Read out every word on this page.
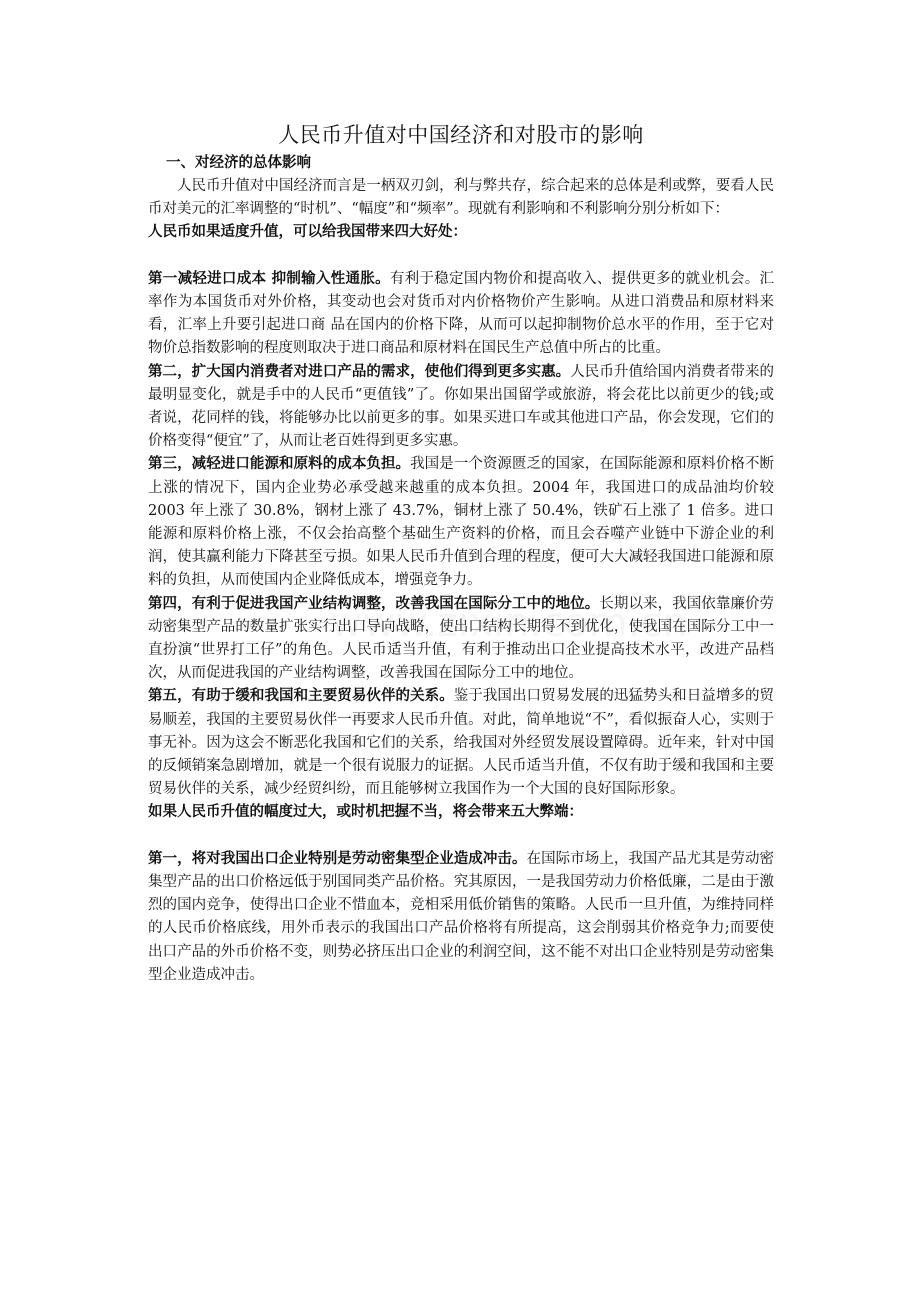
人民币升值对中国经济和对股市的影响
一、对经济的总体影响

人民币升值对中国经济而言是一柄双刃剑，利与弊共存，综合起来的总体是利或弊，要看人民币对美元的汇率调整的“时机”、“幅度”和“频率”。现就有利影响和不利影响分别分析如下：

人民币如果适度升值，可以给我国带来四大好处：

第一减轻进口成本 抑制输入性通胀。有利于稳定国内物价和提高收入、提供更多的就业机会。汇率作为本国货币对外价格，其变动也会对货币对内价格物价产生影响。从进口消费品和原材料来看，汇率上升要引起进口商 品在国内的价格下降，从而可以起抑制物价总水平的作用，至于它对物价总指数影响的程度则取决于进口商品和原材料在国民生产总值中所占的比重。

第二，扩大国内消费者对进口产品的需求，使他们得到更多实惠。人民币升值给国内消费者带来的最明显变化，就是手中的人民币“更值钱”了。你如果出国留学或旅游，将会花比以前更少的钱;或者说，花同样的钱，将能够办比以前更多的事。如果买进口车或其他进口产品，你会发现，它们的价格变得“便宜”了，从而让老百姓得到更多实惠。

第三，减轻进口能源和原料的成本负担。我国是一个资源匮乏的国家，在国际能源和原料价格不断上涨的情况下，国内企业势必承受越来越重的成本负担。2004 年，我国进口的成品油均价较 2003 年上涨了 30.8%，钢材上涨了 43.7%，铜材上涨了 50.4%，铁矿石上涨了 1 倍多。进口能源和原料价格上涨，不仅会抬高整个基础生产资料的价格，而且会吞噬产业链中下游企业的利润，使其赢利能力下降甚至亏损。如果人民币升值到合理的程度，便可大大减轻我国进口能源和原料的负担，从而使国内企业降低成本，增强竞争力。

第四，有利于促进我国产业结构调整，改善我国在国际分工中的地位。长期以来，我国依靠廉价劳动密集型产品的数量扩张实行出口导向战略，使出口结构长期得不到优化，使我国在国际分工中一直扮演“世界打工仔”的角色。人民币适当升值，有利于推动出口企业提高技术水平，改进产品档次，从而促进我国的产业结构调整，改善我国在国际分工中的地位。

第五，有助于缓和我国和主要贸易伙伴的关系。鉴于我国出口贸易发展的迅猛势头和日益增多的贸易顺差，我国的主要贸易伙伴一再要求人民币升值。对此，简单地说“不”，看似振奋人心，实则于事无补。因为这会不断恶化我国和它们的关系，给我国对外经贸发展设置障碍。近年来，针对中国的反倾销案急剧增加，就是一个很有说服力的证据。人民币适当升值，不仅有助于缓和我国和主要贸易伙伴的关系，减少经贸纠纷，而且能够树立我国作为一个大国的良好国际形象。

如果人民币升值的幅度过大，或时机把握不当，将会带来五大弊端：

第一，将对我国出口企业特别是劳动密集型企业造成冲击。在国际市场上，我国产品尤其是劳动密集型产品的出口价格远低于别国同类产品价格。究其原因，一是我国劳动力价格低廉，二是由于激烈的国内竞争，使得出口企业不惜血本，竞相采用低价销售的策略。人民币一旦升值，为维持同样的人民币价格底线，用外币表示的我国出口产品价格将有所提高，这会削弱其价格竞争力;而要使出口产品的外币价格不变，则势必挤压出口企业的利润空间，这不能不对出口企业特别是劳动密集型企业造成冲击。
